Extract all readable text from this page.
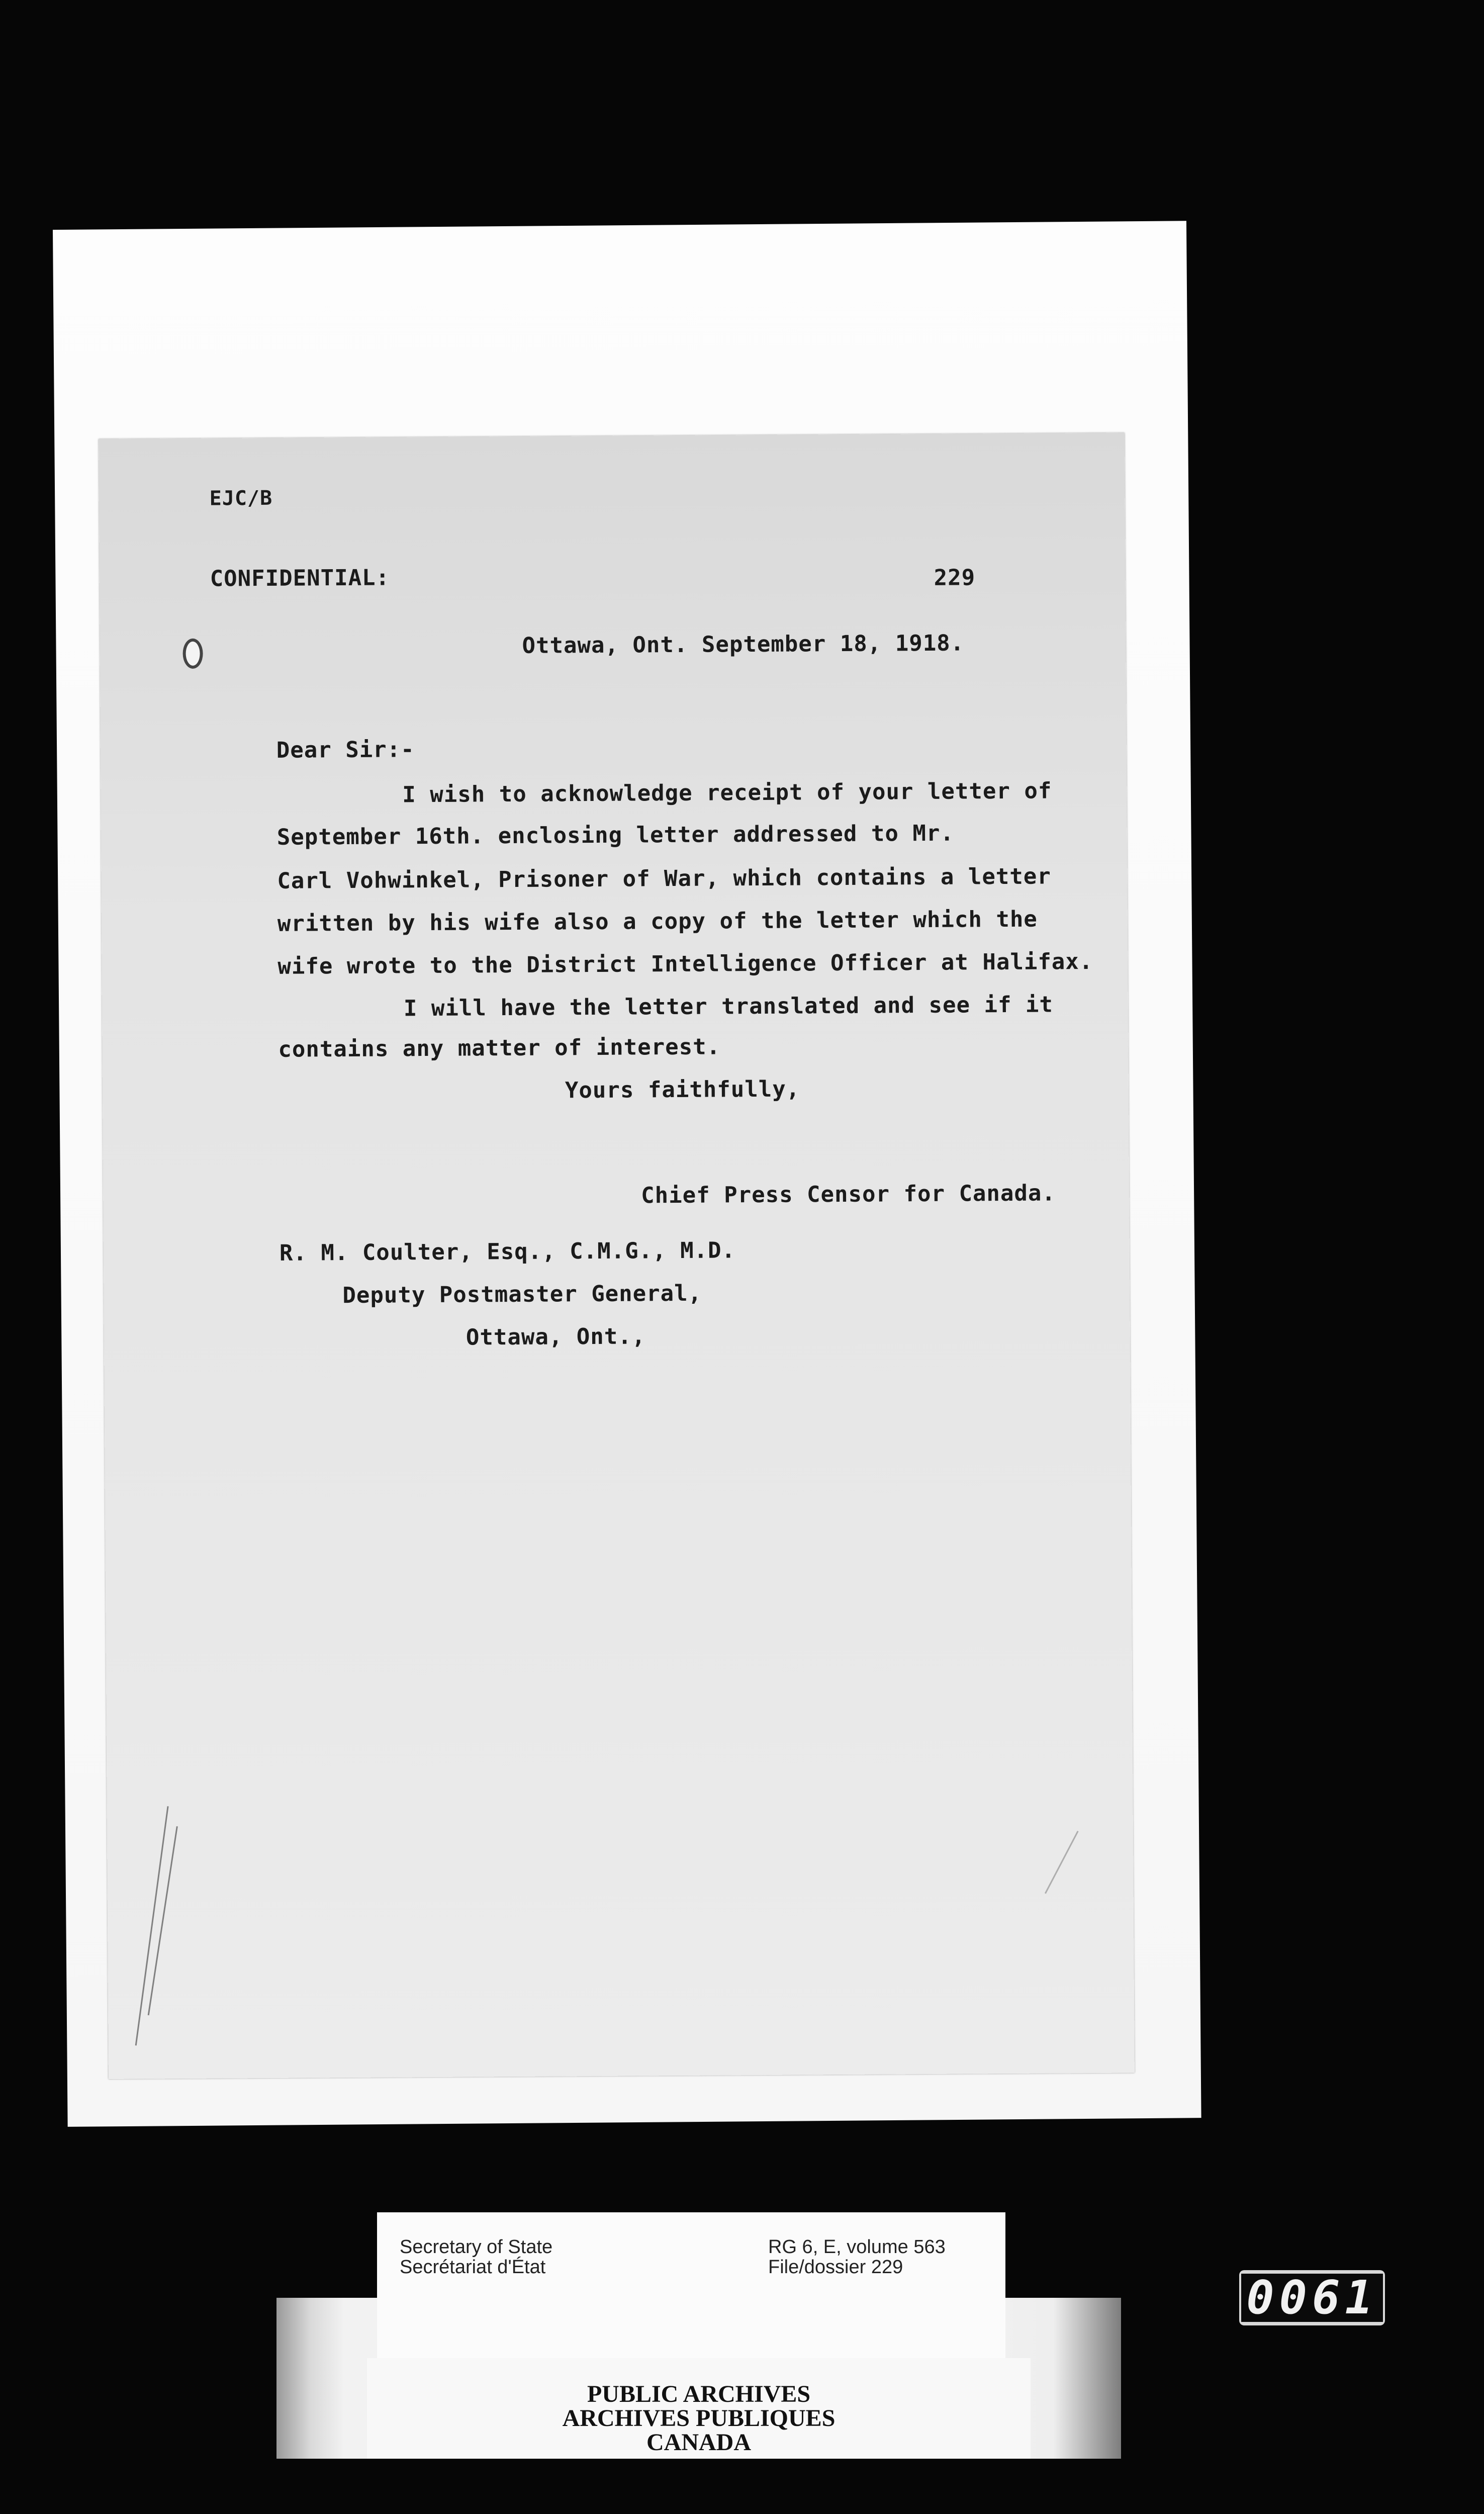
EJC/B
CONFIDENTIAL:	229
Ottawa, Ont. September 18, 1918.
Dear Sir:-
I wish to acknowledge receipt of your letter of
September 16th. enclosing letter addressed to Mr.
Carl Vohwinkel, Prisoner of War, which contains a letter
written by his wife also a copy of the letter which the
wife wrote to the District Intelligence Officer at Halifax.
I will have the letter translated and see if it
contains any matter of interest.
Yours faithfully,
Chief Press Censor for Canada.
R. M. Coulter, Esq., C.M.G., M.D.
Deputy Postmaster General,
Ottawa, Ont.,
PUBLIC ARCHIVES
ARCHIVES PUBLIQUES
CANADA
Secretary of State
Secrétariat d'État
RG 6, E, volume 563
File/dossier 229
0061
